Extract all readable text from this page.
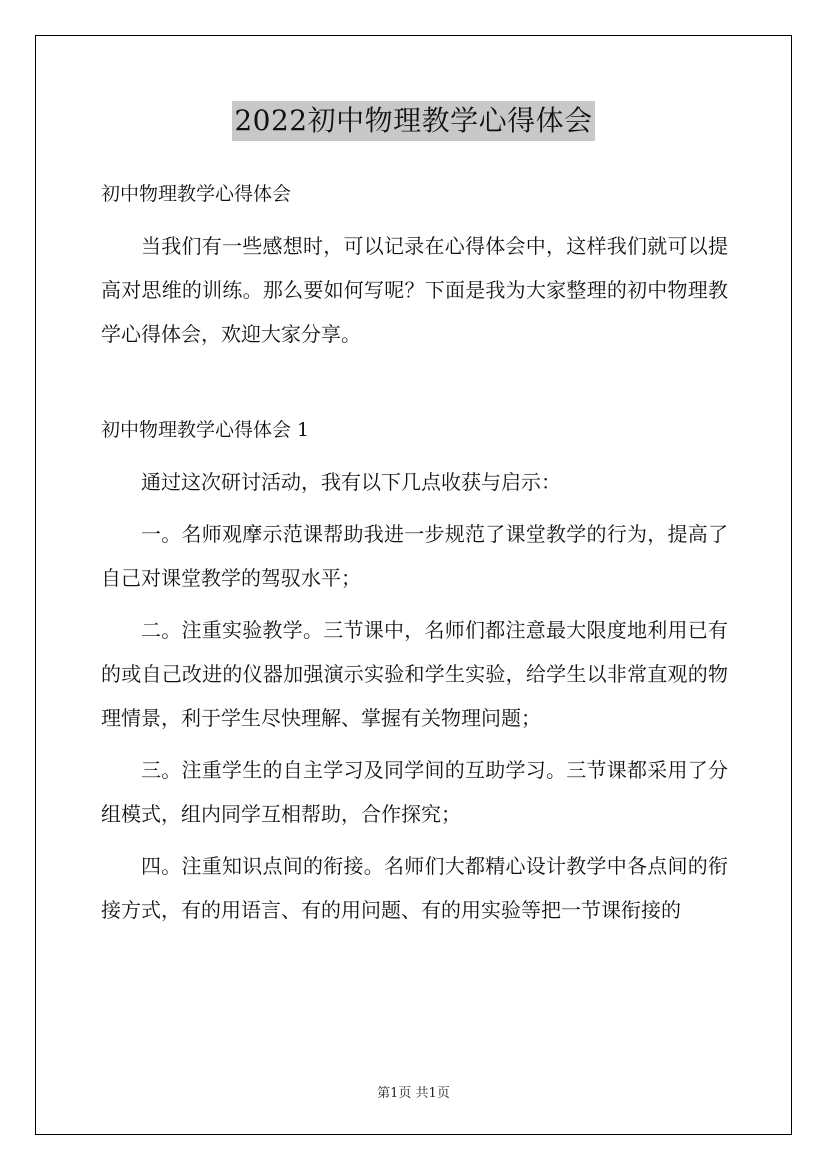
2022初中物理教学心得体会

初中物理教学心得体会

当我们有一些感想时，可以记录在心得体会中，这样我们就可以提高对思维的训练。那么要如何写呢？下面是我为大家整理的初中物理教学心得体会，欢迎大家分享。

初中物理教学心得体会 1

通过这次研讨活动，我有以下几点收获与启示：

一。名师观摩示范课帮助我进一步规范了课堂教学的行为，提高了自己对课堂教学的驾驭水平；

二。注重实验教学。三节课中，名师们都注意最大限度地利用已有的或自己改进的仪器加强演示实验和学生实验，给学生以非常直观的物理情景，利于学生尽快理解、掌握有关物理问题；

三。注重学生的自主学习及同学间的互助学习。三节课都采用了分组模式，组内同学互相帮助，合作探究；

四。注重知识点间的衔接。名师们大都精心设计教学中各点间的衔接方式，有的用语言、有的用问题、有的用实验等把一节课衔接的

第1页 共1页
